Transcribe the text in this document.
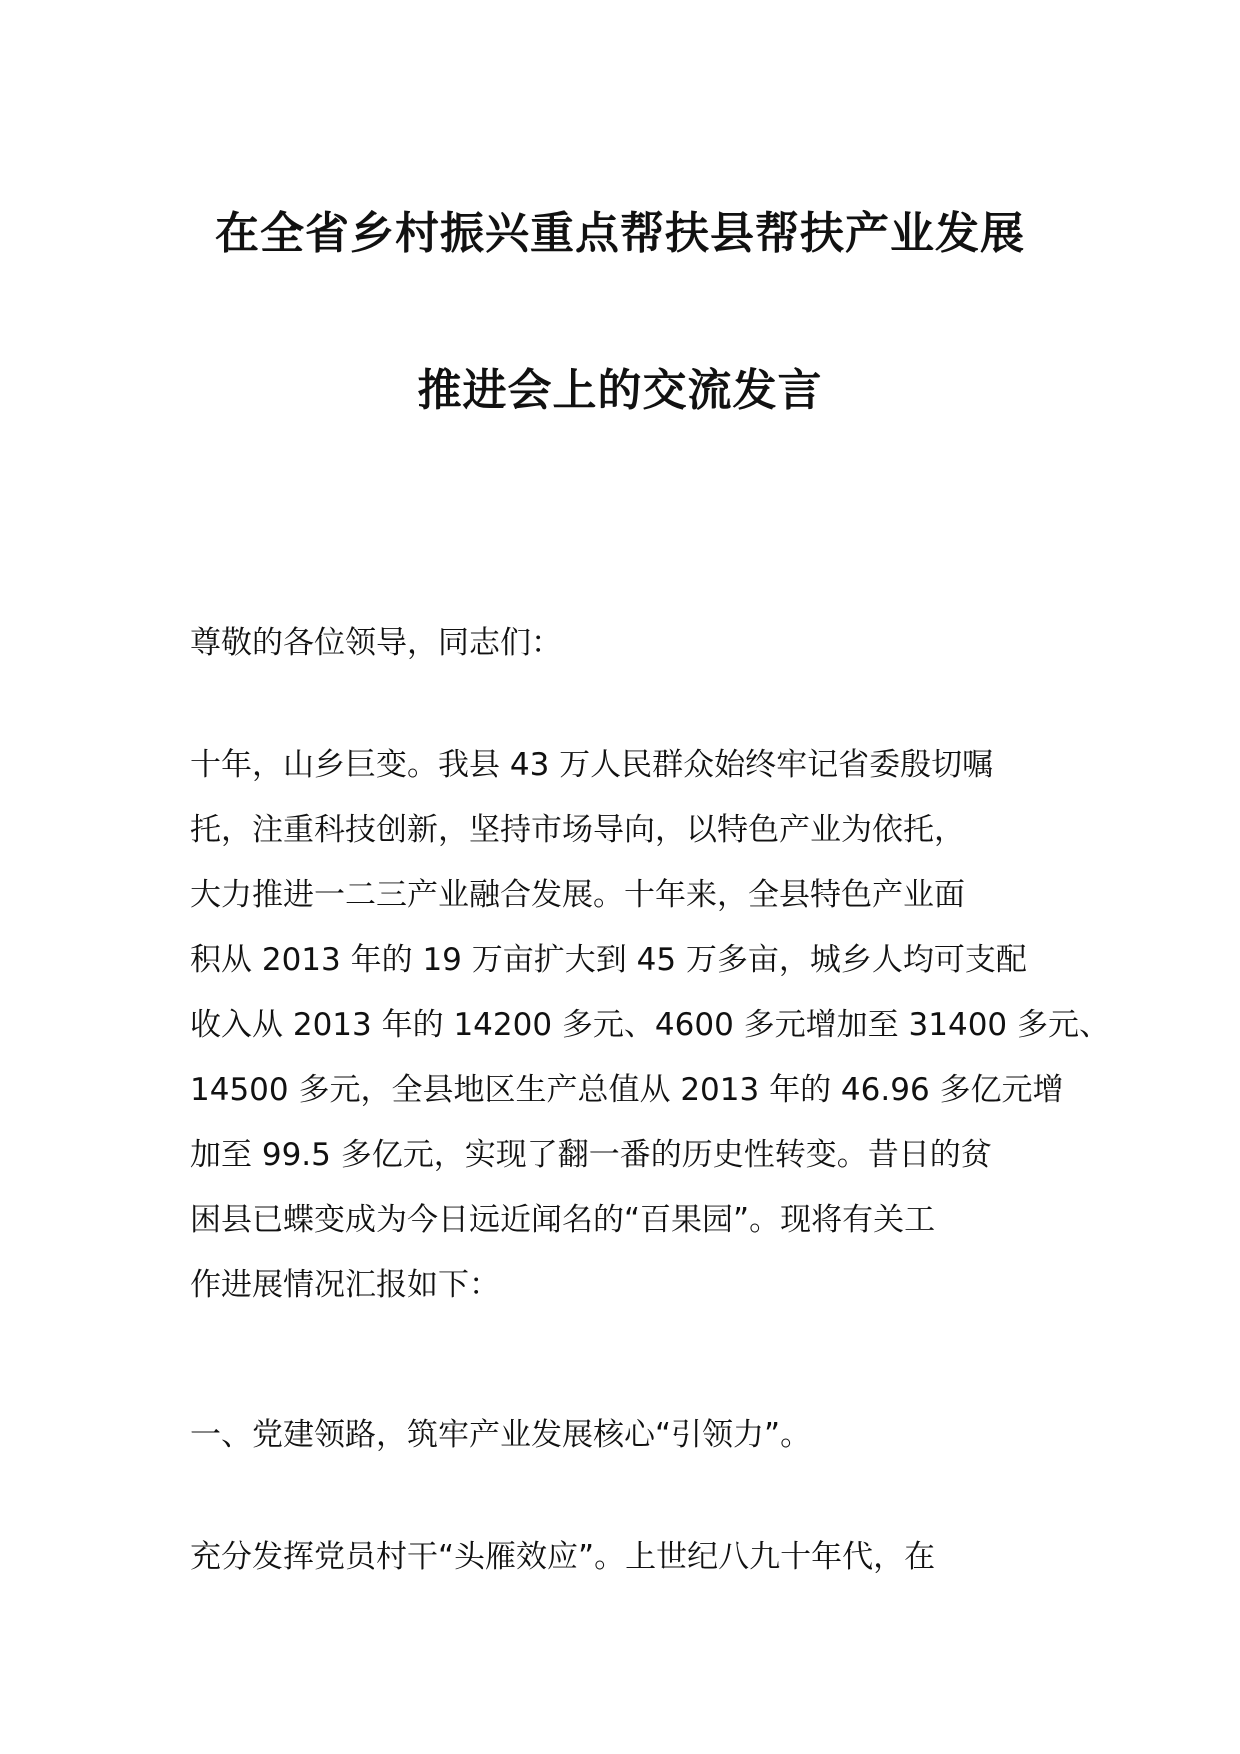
在全省乡村振兴重点帮扶县帮扶产业发展
推进会上的交流发言
尊敬的各位领导，同志们：
十年，山乡巨变。我县 43 万人民群众始终牢记省委殷切嘱
托，注重科技创新，坚持市场导向，以特色产业为依托，
大力推进一二三产业融合发展。十年来，全县特色产业面
积从 2013 年的 19 万亩扩大到 45 万多亩，城乡人均可支配
收入从 2013 年的 14200 多元、4600 多元增加至 31400 多元、
14500 多元，全县地区生产总值从 2013 年的 46.96 多亿元增
加至 99.5 多亿元，实现了翻一番的历史性转变。昔日的贫
困县已蝶变成为今日远近闻名的“百果园”。现将有关工
作进展情况汇报如下：
一、党建领路，筑牢产业发展核心“引领力”。
充分发挥党员村干“头雁效应”。上世纪八九十年代，在
